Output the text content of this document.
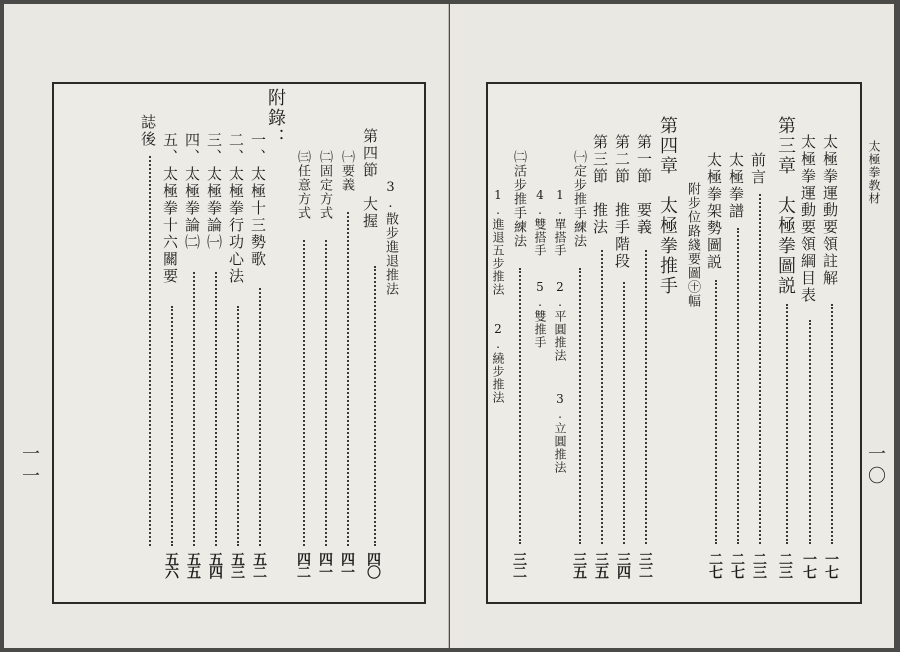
一一
3.散步進退推法
第四節　大握
四〇
㈠要義
四一
㈡固定方式
四一
㈢任意方式
四二
附錄：
一、太極十三勢歌
五二
二、太極拳行功心法
五三
三、太極拳論㈠
五四
四、太極拳論㈡
五五
五、太極拳十六關要
五六
誌後
太極拳教材
一〇
太極拳運動要領註解
一七
太極拳運動要領綱目表
一七
第三章　太極拳圖説
二三
前言
二三
太極拳譜
二七
太極拳架勢圖説
二七
附步位路綫要圖㊉幅
第四章　太極拳推手
第一節　要義
三二
第二節　推手階段
三四
第三節　推法
三五
㈠定步推手練法
三五
1.單搭手
2.平圓推法
3.立圓推法
4.雙搭手
5.雙推手
㈡活步推手練法
三二
1.進退五步推法
2.繞步推法
